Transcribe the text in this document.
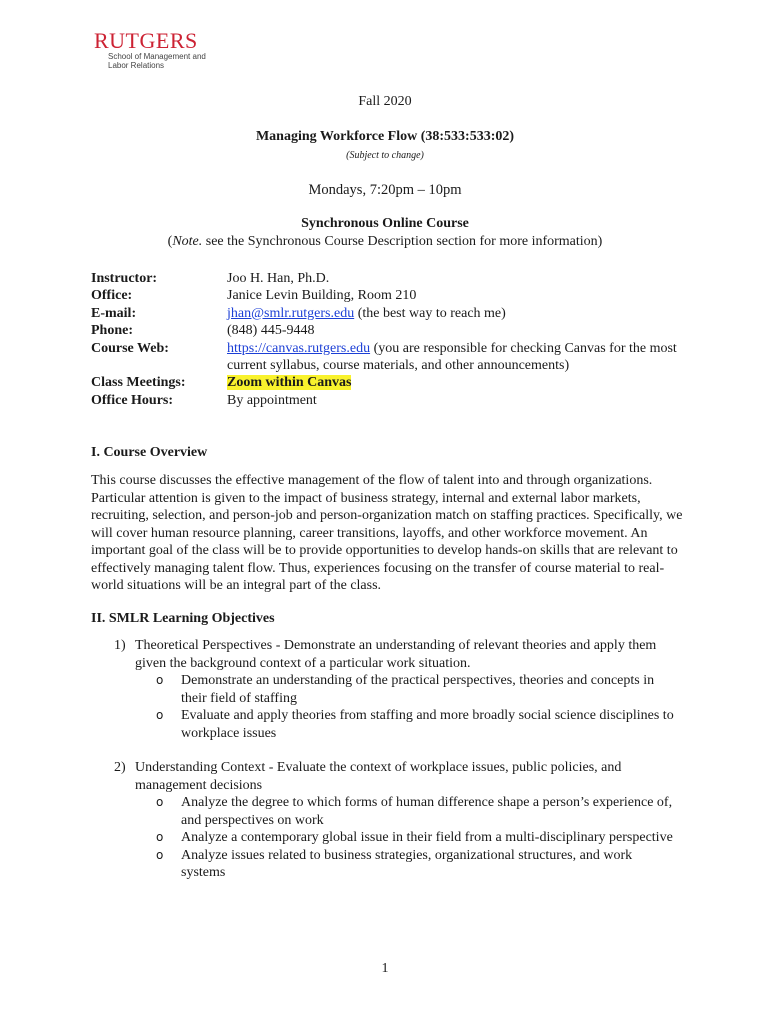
RUTGERS
School of Management and Labor Relations
Fall 2020
Managing Workforce Flow (38:533:533:02)
(Subject to change)
Mondays, 7:20pm – 10pm
Synchronous Online Course
(Note. see the Synchronous Course Description section for more information)
Instructor:	Joo H. Han, Ph.D.
Office:	Janice Levin Building, Room 210
E-mail:	jhan@smlr.rutgers.edu (the best way to reach me)
Phone:	(848) 445-9448
Course Web:	https://canvas.rutgers.edu (you are responsible for checking Canvas for the most current syllabus, course materials, and other announcements)
Class Meetings:	Zoom within Canvas
Office Hours:	By appointment
I. Course Overview
This course discusses the effective management of the flow of talent into and through organizations. Particular attention is given to the impact of business strategy, internal and external labor markets, recruiting, selection, and person-job and person-organization match on staffing practices. Specifically, we will cover human resource planning, career transitions, layoffs, and other workforce movement. An important goal of the class will be to provide opportunities to develop hands-on skills that are relevant to effectively managing talent flow. Thus, experiences focusing on the transfer of course material to real-world situations will be an integral part of the class.
II. SMLR Learning Objectives
1) Theoretical Perspectives - Demonstrate an understanding of relevant theories and apply them given the background context of a particular work situation.
o Demonstrate an understanding of the practical perspectives, theories and concepts in their field of staffing
o Evaluate and apply theories from staffing and more broadly social science disciplines to workplace issues
2) Understanding Context - Evaluate the context of workplace issues, public policies, and management decisions
o Analyze the degree to which forms of human difference shape a person’s experience of, and perspectives on work
o Analyze a contemporary global issue in their field from a multi-disciplinary perspective
o Analyze issues related to business strategies, organizational structures, and work systems
1
